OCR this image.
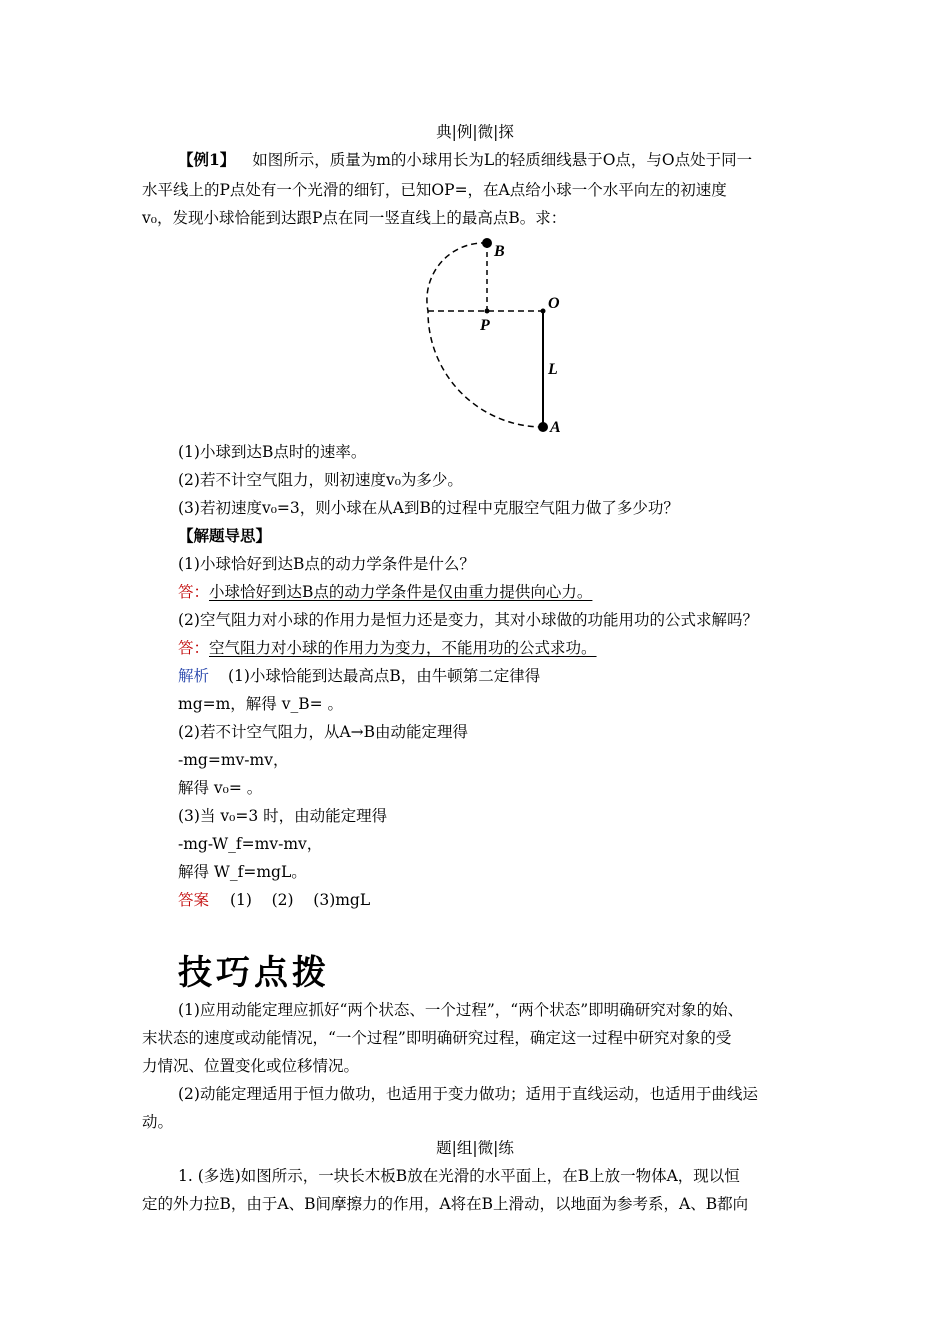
典|例|微|探
【例1】 如图所示，质量为m的小球用长为L的轻质细线悬于O点，与O点处于同一
水平线上的P点处有一个光滑的细钉，已知OP=，在A点给小球一个水平向左的初速度
v₀，发现小球恰能到达跟P点在同一竖直线上的最高点B。求：
B
O
P
L
A
(1)小球到达B点时的速率。
(2)若不计空气阻力，则初速度v₀为多少。
(3)若初速度v₀=3，则小球在从A到B的过程中克服空气阻力做了多少功？
【解题导思】
(1)小球恰好到达B点的动力学条件是什么？
答：小球恰好到达B点的动力学条件是仅由重力提供向心力。
(2)空气阻力对小球的作用力是恒力还是变力，其对小球做的功能用功的公式求解吗？
答：空气阻力对小球的作用力为变力，不能用功的公式求功。
解析 (1)小球恰能到达最高点B，由牛顿第二定律得
mg=m，解得 v_B= 。
(2)若不计空气阻力，从A→B由动能定理得
-mg=mv-mv，
解得 v₀= 。
(3)当 v₀=3 时，由动能定理得
-mg-W_f=mv-mv，
解得 W_f=mgL。
答案 (1)    (2)    (3)mgL
技巧点拨
(1)应用动能定理应抓好“两个状态、一个过程”，“两个状态”即明确研究对象的始、
末状态的速度或动能情况，“一个过程”即明确研究过程，确定这一过程中研究对象的受
力情况、位置变化或位移情况。
(2)动能定理适用于恒力做功，也适用于变力做功；适用于直线运动，也适用于曲线运
动。
题|组|微|练
1. (多选)如图所示，一块长木板B放在光滑的水平面上，在B上放一物体A，现以恒
定的外力拉B，由于A、B间摩擦力的作用，A将在B上滑动，以地面为参考系，A、B都向
